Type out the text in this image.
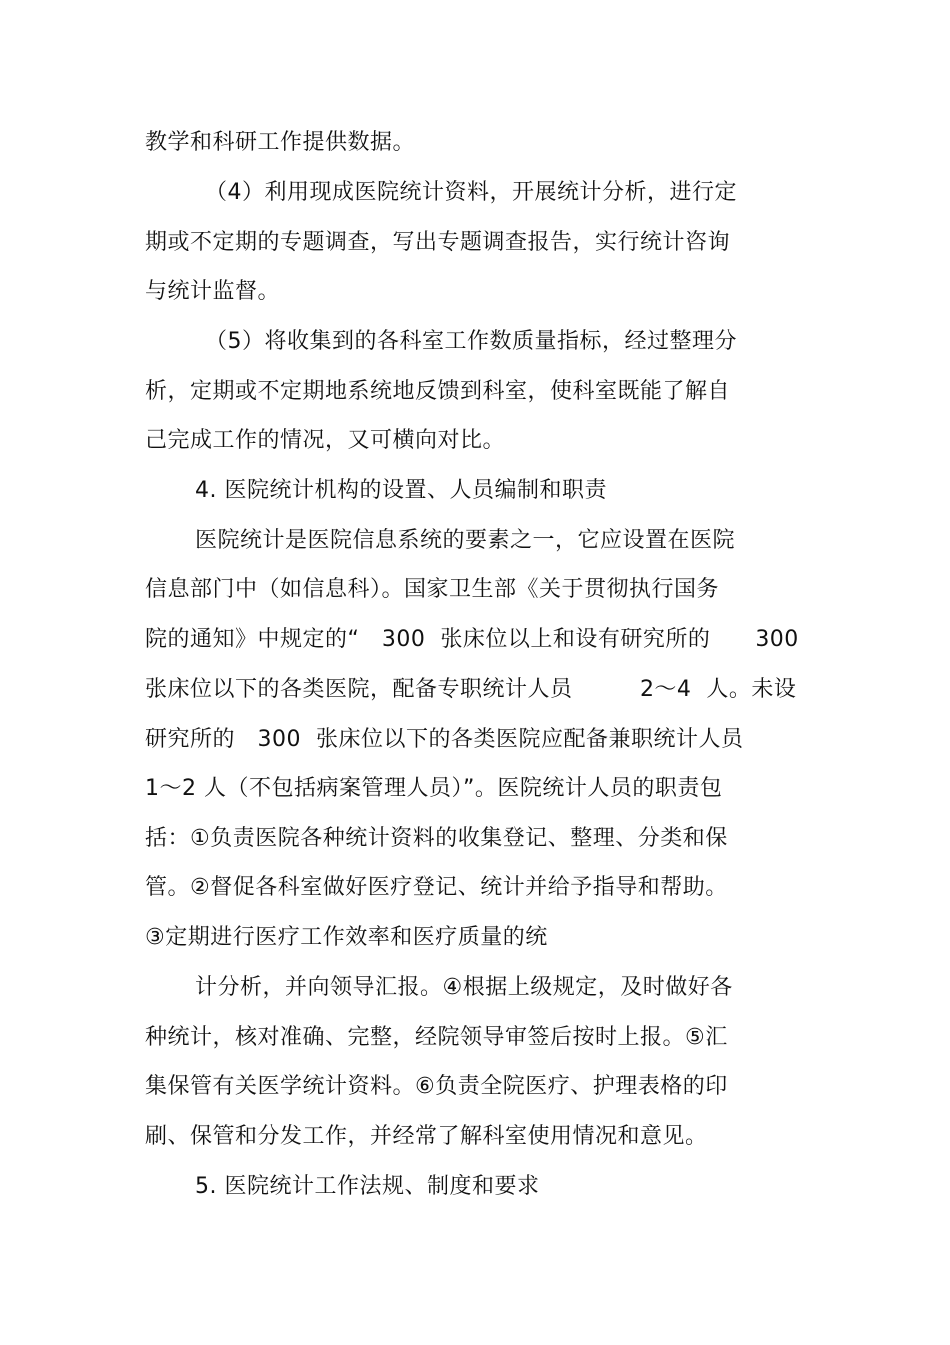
教学和科研工作提供数据。
（4）利用现成医院统计资料，开展统计分析，进行定
期或不定期的专题调查，写出专题调查报告，实行统计咨询
与统计监督。
（5）将收集到的各科室工作数质量指标，经过整理分
析，定期或不定期地系统地反馈到科室，使科室既能了解自
己完成工作的情况，又可横向对比。
4. 医院统计机构的设置、人员编制和职责
医院统计是医院信息系统的要素之一，它应设置在医院
信息部门中（如信息科）。国家卫生部《关于贯彻执行国务
院的通知》中规定的“   300  张床位以上和设有研究所的      300
张床位以下的各类医院，配备专职统计人员         2～4  人。未设
研究所的   300  张床位以下的各类医院应配备兼职统计人员
1～2 人（不包括病案管理人员）”。医院统计人员的职责包
括：①负责医院各种统计资料的收集登记、整理、分类和保
管。②督促各科室做好医疗登记、统计并给予指导和帮助。
③定期进行医疗工作效率和医疗质量的统
计分析，并向领导汇报。④根据上级规定，及时做好各
种统计，核对准确、完整，经院领导审签后按时上报。⑤汇
集保管有关医学统计资料。⑥负责全院医疗、护理表格的印
刷、保管和分发工作，并经常了解科室使用情况和意见。
5. 医院统计工作法规、制度和要求
